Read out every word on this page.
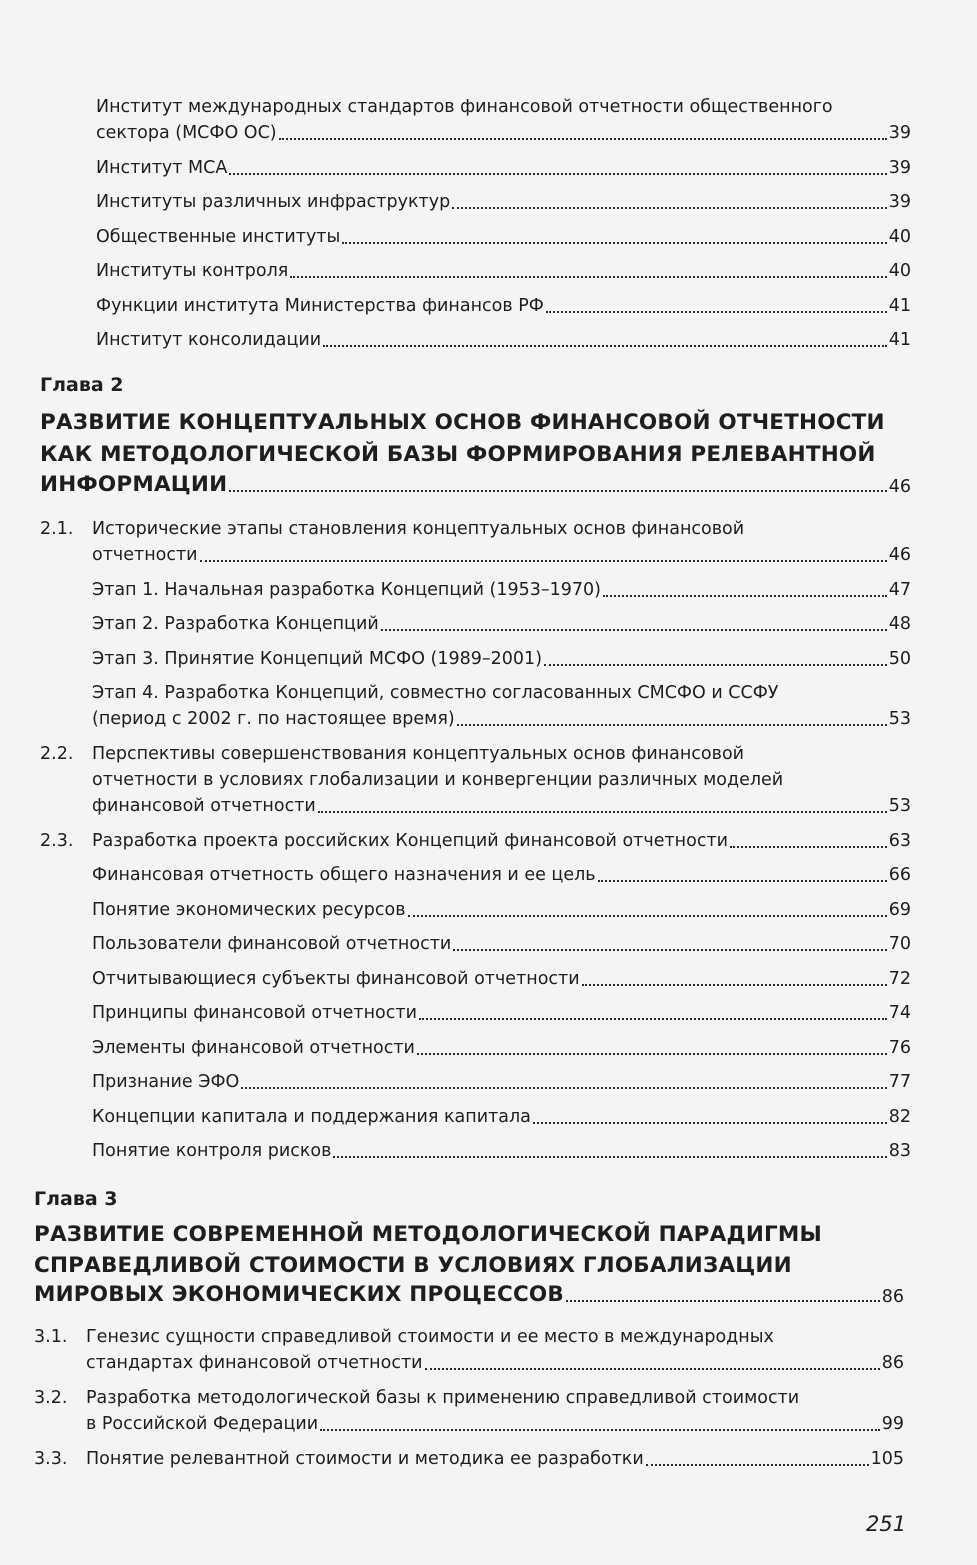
Институт международных стандартов финансовой отчетности общественного
сектора (МСФО ОС)	39
Институт МСА	39
Институты различных инфраструктур	39
Общественные институты	40
Институты контроля	40
Функции института Министерства финансов РФ	41
Институт консолидации	41
Глава 2
РАЗВИТИЕ КОНЦЕПТУАЛЬНЫХ ОСНОВ ФИНАНСОВОЙ ОТЧЕТНОСТИ
КАК МЕТОДОЛОГИЧЕСКОЙ БАЗЫ ФОРМИРОВАНИЯ РЕЛЕВАНТНОЙ
ИНФОРМАЦИИ	46
2.1. Исторические этапы становления концептуальных основ финансовой
отчетности	46
Этап 1. Начальная разработка Концепций (1953–1970)	47
Этап 2. Разработка Концепций	48
Этап 3. Принятие Концепций МСФО (1989–2001)	50
Этап 4. Разработка Концепций, совместно согласованных СМСФО и ССФУ
(период с 2002 г. по настоящее время)	53
2.2. Перспективы совершенствования концептуальных основ финансовой
отчетности в условиях глобализации и конвергенции различных моделей
финансовой отчетности	53
2.3. Разработка проекта российских Концепций финансовой отчетности	63
Финансовая отчетность общего назначения и ее цель	66
Понятие экономических ресурсов	69
Пользователи финансовой отчетности	70
Отчитывающиеся субъекты финансовой отчетности	72
Принципы финансовой отчетности	74
Элементы финансовой отчетности	76
Признание ЭФО	77
Концепции капитала и поддержания капитала	82
Понятие контроля рисков	83
Глава 3
РАЗВИТИЕ СОВРЕМЕННОЙ МЕТОДОЛОГИЧЕСКОЙ ПАРАДИГМЫ
СПРАВЕДЛИВОЙ СТОИМОСТИ В УСЛОВИЯХ ГЛОБАЛИЗАЦИИ
МИРОВЫХ ЭКОНОМИЧЕСКИХ ПРОЦЕССОВ	86
3.1. Генезис сущности справедливой стоимости и ее место в международных
стандартах финансовой отчетности	86
3.2. Разработка методологической базы к применению справедливой стоимости
в Российской Федерации	99
3.3. Понятие релевантной стоимости и методика ее разработки	105
251
